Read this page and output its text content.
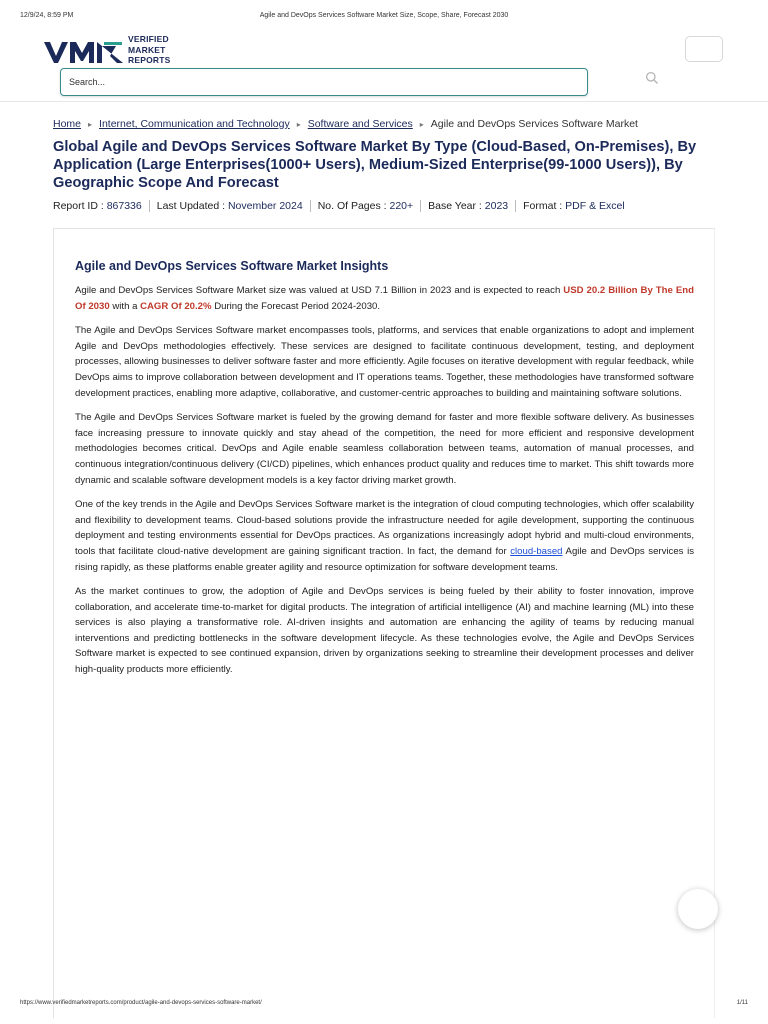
12/9/24, 8:59 PM	Agile and DevOps Services Software Market Size, Scope, Share, Forecast 2030
VERIFIED
MARKET
REPORTS
Search...
Home ▸ Internet, Communication and Technology ▸ Software and Services ▸ Agile and DevOps Services Software Market
Global Agile and DevOps Services Software Market By Type (Cloud-Based, On-Premises), By Application (Large Enterprises(1000+ Users), Medium-Sized Enterprise(99-1000 Users)), By Geographic Scope And Forecast
Report ID : 867336	Last Updated : November 2024	No. Of Pages : 220+	Base Year : 2023	Format : PDF & Excel
Agile and DevOps Services Software Market Insights

Agile and DevOps Services Software Market size was valued at USD 7.1 Billion in 2023 and is expected to reach USD 20.2 Billion By The End Of 2030 with a CAGR Of 20.2% During the Forecast Period 2024-2030.

The Agile and DevOps Services Software market encompasses tools, platforms, and services that enable organizations to adopt and implement Agile and DevOps methodologies effectively. These services are designed to facilitate continuous development, testing, and deployment processes, allowing businesses to deliver software faster and more efficiently. Agile focuses on iterative development with regular feedback, while DevOps aims to improve collaboration between development and IT operations teams. Together, these methodologies have transformed software development practices, enabling more adaptive, collaborative, and customer-centric approaches to building and maintaining software solutions.

The Agile and DevOps Services Software market is fueled by the growing demand for faster and more flexible software delivery. As businesses face increasing pressure to innovate quickly and stay ahead of the competition, the need for more efficient and responsive development methodologies becomes critical. DevOps and Agile enable seamless collaboration between teams, automation of manual processes, and continuous integration/continuous delivery (CI/CD) pipelines, which enhances product quality and reduces time to market. This shift towards more dynamic and scalable software development models is a key factor driving market growth.

One of the key trends in the Agile and DevOps Services Software market is the integration of cloud computing technologies, which offer scalability and flexibility to development teams. Cloud-based solutions provide the infrastructure needed for agile development, supporting the continuous deployment and testing environments essential for DevOps practices. As organizations increasingly adopt hybrid and multi-cloud environments, tools that facilitate cloud-native development are gaining significant traction. In fact, the demand for cloud-based Agile and DevOps services is rising rapidly, as these platforms enable greater agility and resource optimization for software development teams.

As the market continues to grow, the adoption of Agile and DevOps services is being fueled by their ability to foster innovation, improve collaboration, and accelerate time-to-market for digital products. The integration of artificial intelligence (AI) and machine learning (ML) into these services is also playing a transformative role. AI-driven insights and automation are enhancing the agility of teams by reducing manual interventions and predicting bottlenecks in the software development lifecycle. As these technologies evolve, the Agile and DevOps Services Software market is expected to see continued expansion, driven by organizations seeking to streamline their development processes and deliver high-quality products more efficiently.

https://www.verifiedmarketreports.com/product/agile-and-devops-services-software-market/	1/11
